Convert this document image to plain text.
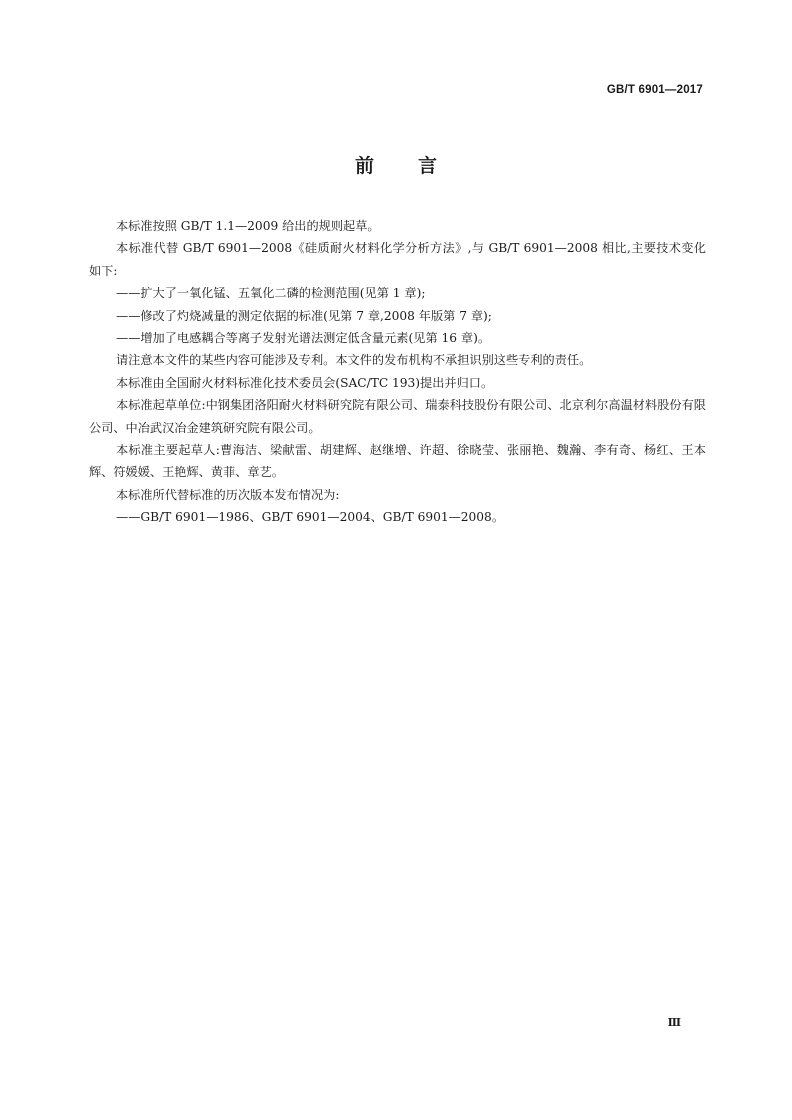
GB/T 6901—2017
前 言

本标准按照 GB/T 1.1—2009 给出的规则起草。

本标准代替 GB/T 6901—2008《硅质耐火材料化学分析方法》,与 GB/T 6901—2008 相比,主要技术变化如下:

——扩大了一氧化锰、五氧化二磷的检测范围(见第 1 章);

——修改了灼烧减量的测定依据的标准(见第 7 章,2008 年版第 7 章);

——增加了电感耦合等离子发射光谱法测定低含量元素(见第 16 章)。

请注意本文件的某些内容可能涉及专利。本文件的发布机构不承担识别这些专利的责任。

本标准由全国耐火材料标准化技术委员会(SAC/TC 193)提出并归口。

本标准起草单位:中钢集团洛阳耐火材料研究院有限公司、瑞泰科技股份有限公司、北京利尔高温材料股份有限公司、中冶武汉冶金建筑研究院有限公司。

本标准主要起草人:曹海洁、梁献雷、胡建辉、赵继增、许超、徐晓莹、张丽艳、魏瀚、李有奇、杨红、王本辉、符媛媛、王艳辉、黄菲、章艺。

本标准所代替标准的历次版本发布情况为:

——GB/T 6901—1986、GB/T 6901—2004、GB/T 6901—2008。

Ⅲ
